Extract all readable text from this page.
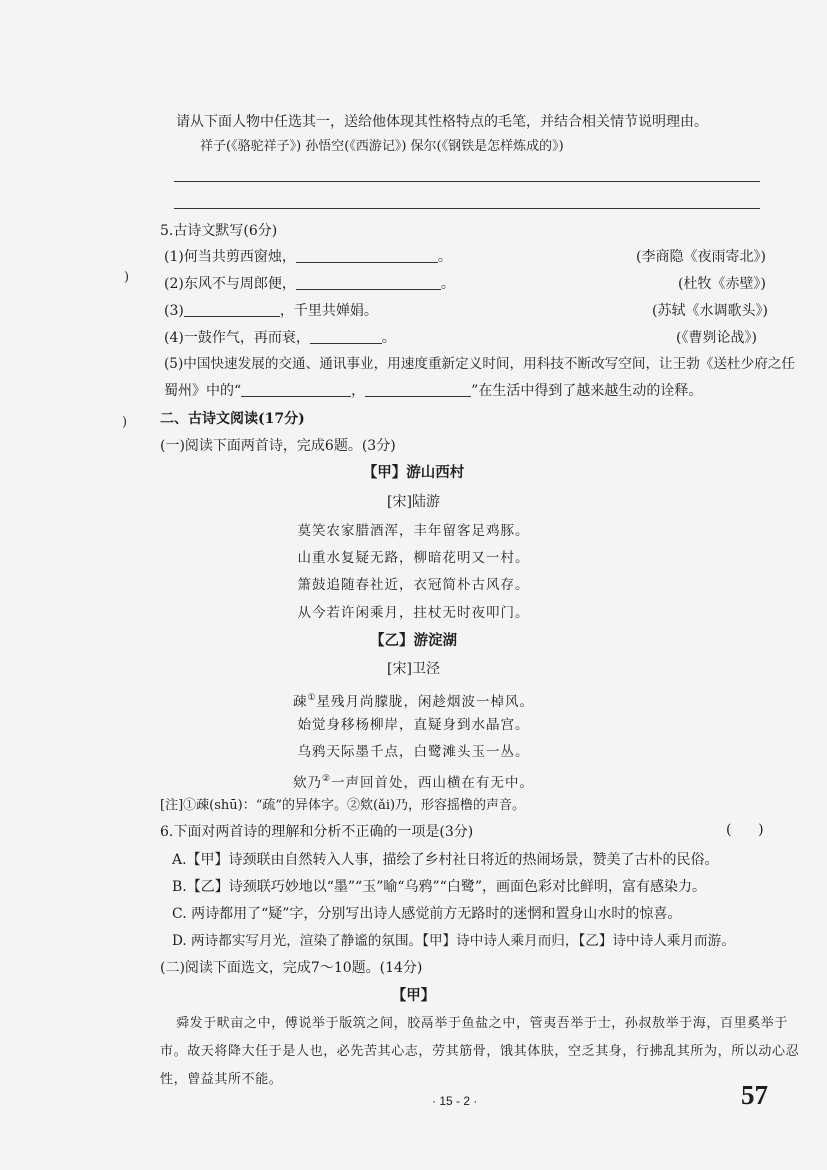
)
)
请从下面人物中任选其一，送给他体现其性格特点的毛笔，并结合相关情节说明理由。
祥子(《骆驼祥子》) 孙悟空(《西游记》) 保尔(《钢铁是怎样炼成的》)
5.古诗文默写(6分)
(1)何当共剪西窗烛，	。	(李商隐《夜雨寄北》)
(2)东风不与周郎便，	。	(杜牧《赤壁》)
(3)	，千里共婵娟。	(苏轼《水调歌头》)
(4)一鼓作气，再而衰，	。	(《曹刿论战》)
(5)中国快速发展的交通、通讯事业，用速度重新定义时间，用科技不断改写空间，让王勃《送杜少府之任
蜀州》中的“	，	”在生活中得到了越来越生动的诠释。
二、古诗文阅读(17分)
(一)阅读下面两首诗，完成6题。(3分)
【甲】游山西村
[宋]陆游
莫笑农家腊酒浑，丰年留客足鸡豚。
山重水复疑无路，柳暗花明又一村。
箫鼓追随春社近，衣冠简朴古风存。
从今若许闲乘月，拄杖无时夜叩门。
【乙】游淀湖
[宋]卫泾
疎①星残月尚朦胧，闲趁烟波一棹风。
始觉身移杨柳岸，直疑身到水晶宫。
乌鸦天际墨千点，白鹭滩头玉一丛。
欸乃②一声回首处，西山横在有无中。
[注]①疎(shū)：“疏”的异体字。②欸(ǎi)乃，形容摇橹的声音。
6.下面对两首诗的理解和分析不正确的一项是(3分)	(      )
A.【甲】诗颈联由自然转入人事，描绘了乡村社日将近的热闹场景，赞美了古朴的民俗。
B.【乙】诗颈联巧妙地以“墨”“玉”喻“乌鸦”“白鹭”，画面色彩对比鲜明，富有感染力。
C. 两诗都用了“疑”字，分别写出诗人感觉前方无路时的迷惘和置身山水时的惊喜。
D. 两诗都实写月光，渲染了静谧的氛围。【甲】诗中诗人乘月而归，【乙】诗中诗人乘月而游。
(二)阅读下面选文，完成7～10题。(14分)
【甲】
舜发于畎亩之中，傅说举于版筑之间，胶鬲举于鱼盐之中，管夷吾举于士，孙叔敖举于海，百里奚举于
市。故天将降大任于是人也，必先苦其心志，劳其筋骨，饿其体肤，空乏其身，行拂乱其所为，所以动心忍
性，曾益其所不能。
· 15 - 2 ·	57
